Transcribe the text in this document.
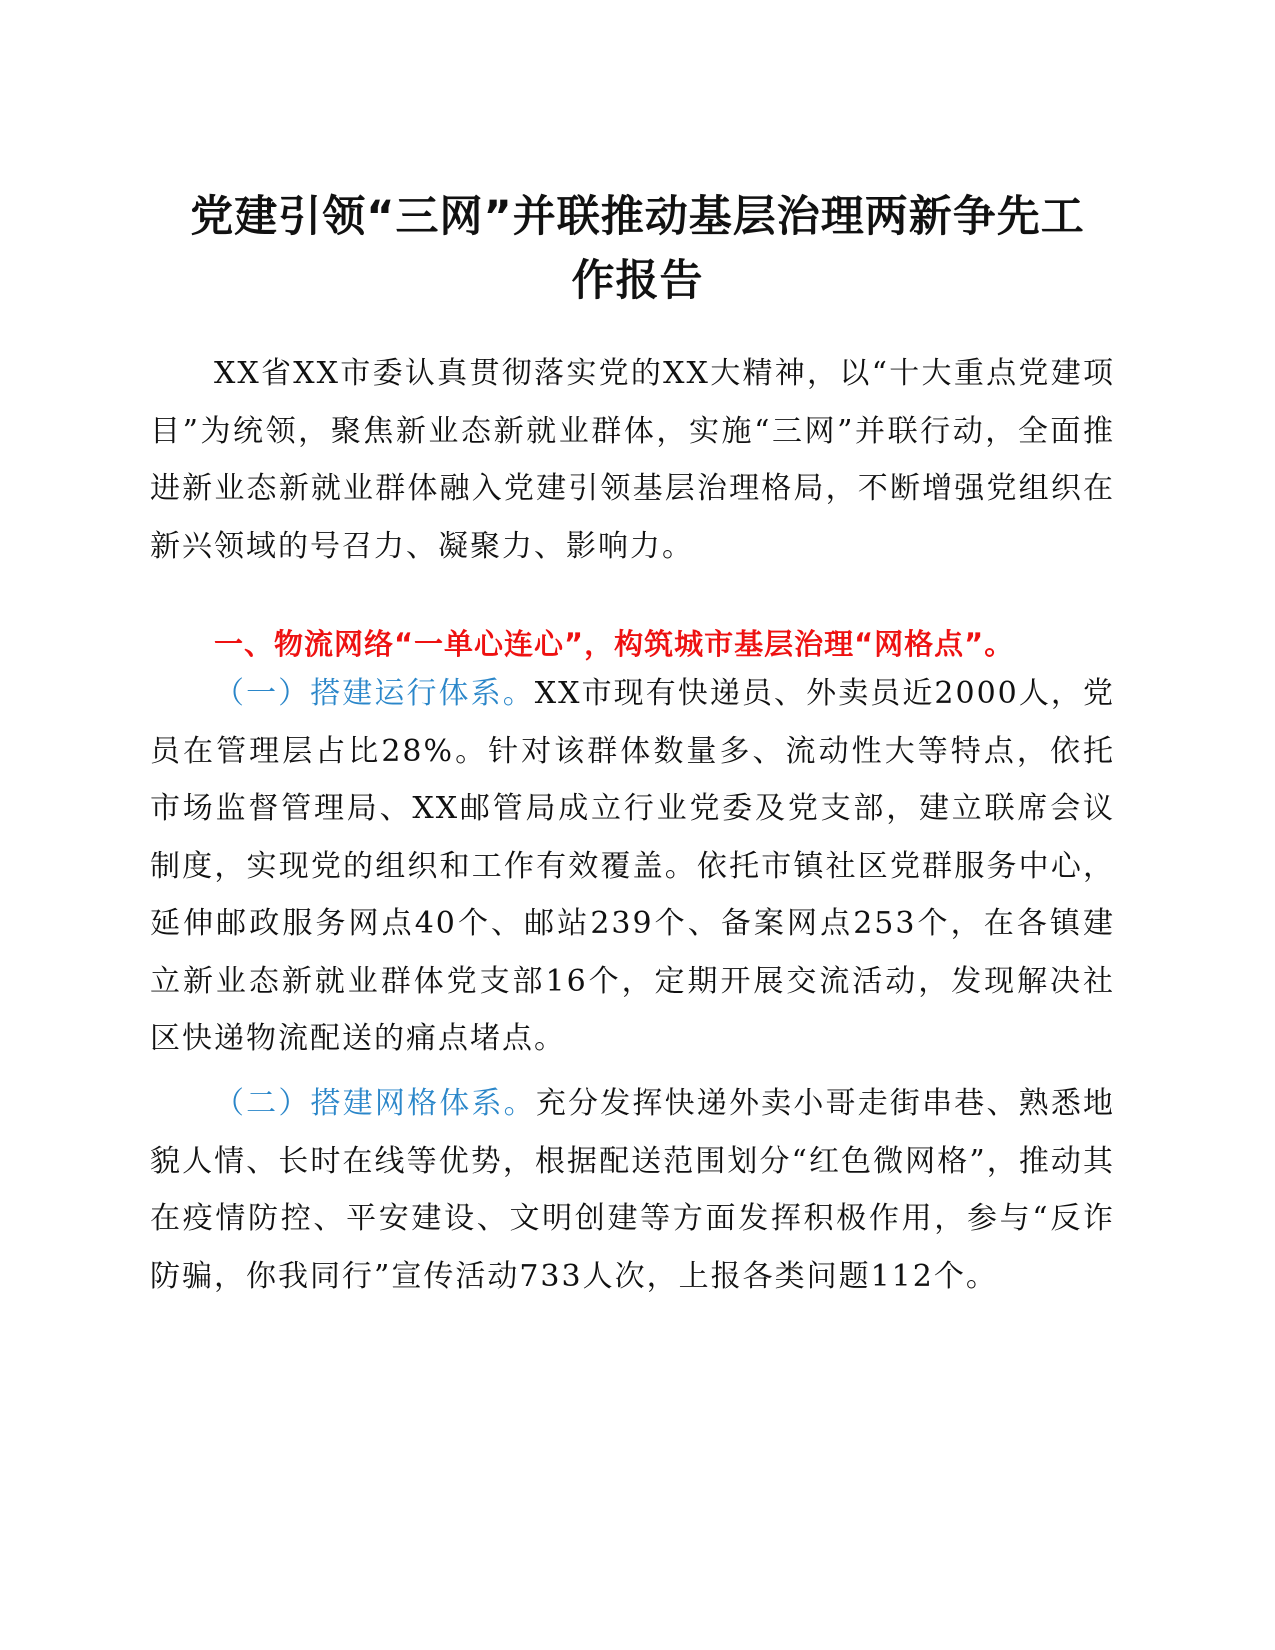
党建引领“三网”并联推动基层治理两新争先工
作报告

XX省XX市委认真贯彻落实党的XX大精神，以“十大重点党建项目”为统领，聚焦新业态新就业群体，实施“三网”并联行动，全面推进新业态新就业群体融入党建引领基层治理格局，不断增强党组织在新兴领域的号召力、凝聚力、影响力。

一、物流网络“一单心连心”，构筑城市基层治理“网格点”。

（一）搭建运行体系。XX市现有快递员、外卖员近2000人，党员在管理层占比28%。针对该群体数量多、流动性大等特点，依托市场监督管理局、XX邮管局成立行业党委及党支部，建立联席会议制度，实现党的组织和工作有效覆盖。依托市镇社区党群服务中心，延伸邮政服务网点40个、邮站239个、备案网点253个，在各镇建立新业态新就业群体党支部16个，定期开展交流活动，发现解决社区快递物流配送的痛点堵点。

（二）搭建网格体系。充分发挥快递外卖小哥走街串巷、熟悉地貌人情、长时在线等优势，根据配送范围划分“红色微网格”，推动其在疫情防控、平安建设、文明创建等方面发挥积极作用，参与“反诈防骗，你我同行”宣传活动733人次，上报各类问题112个。
